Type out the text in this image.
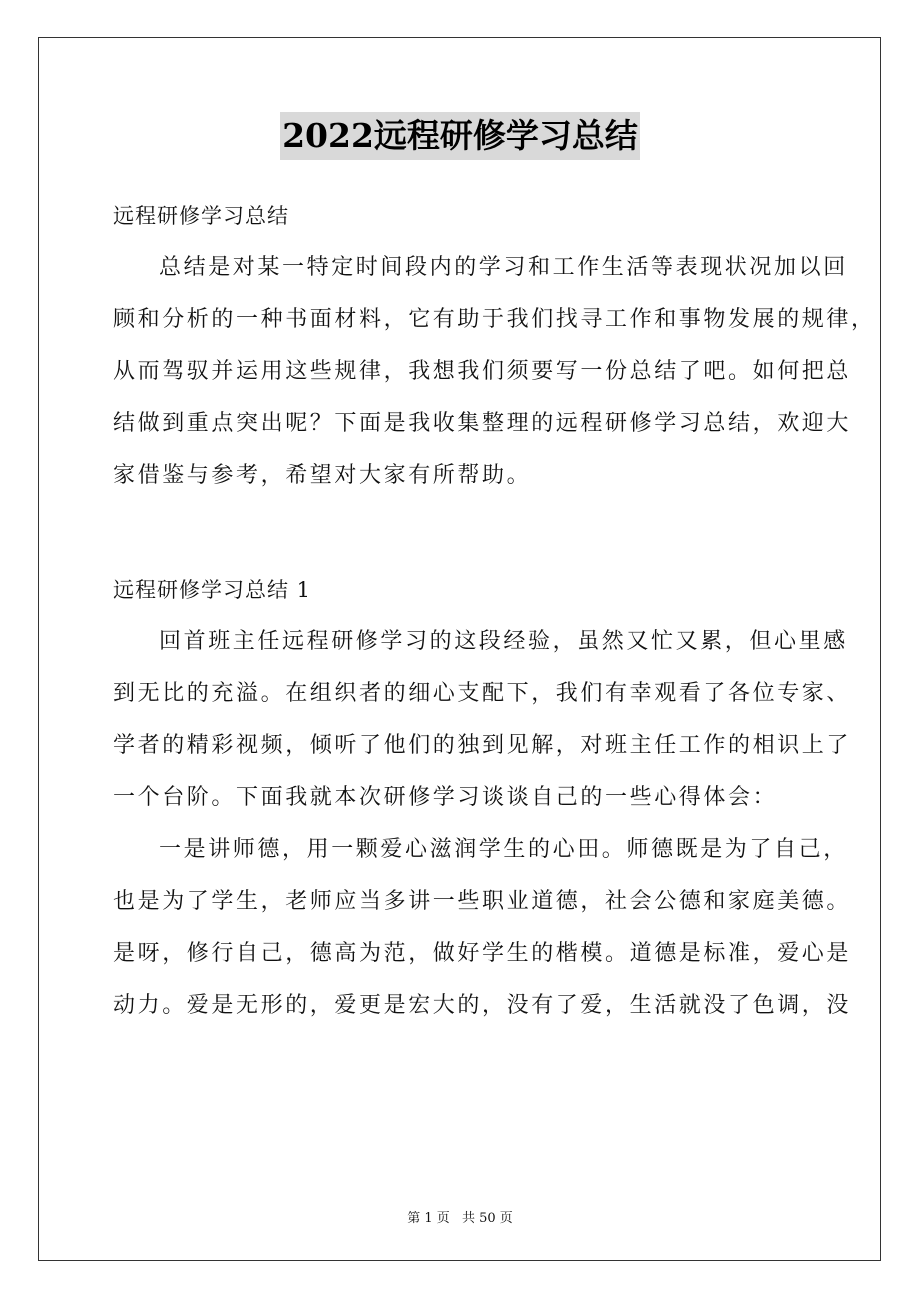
2022远程研修学习总结

远程研修学习总结

总结是对某一特定时间段内的学习和工作生活等表现状况加以回
顾和分析的一种书面材料，它有助于我们找寻工作和事物发展的规律，
从而驾驭并运用这些规律，我想我们须要写一份总结了吧。如何把总
结做到重点突出呢？下面是我收集整理的远程研修学习总结，欢迎大
家借鉴与参考，希望对大家有所帮助。

远程研修学习总结 1

回首班主任远程研修学习的这段经验，虽然又忙又累，但心里感
到无比的充溢。在组织者的细心支配下，我们有幸观看了各位专家、
学者的精彩视频，倾听了他们的独到见解，对班主任工作的相识上了
一个台阶。下面我就本次研修学习谈谈自己的一些心得体会：
一是讲师德，用一颗爱心滋润学生的心田。师德既是为了自己，
也是为了学生，老师应当多讲一些职业道德，社会公德和家庭美德。
是呀，修行自己，德高为范，做好学生的楷模。道德是标准，爱心是
动力。爱是无形的，爱更是宏大的，没有了爱，生活就没了色调，没
第 1 页 共 50 页
